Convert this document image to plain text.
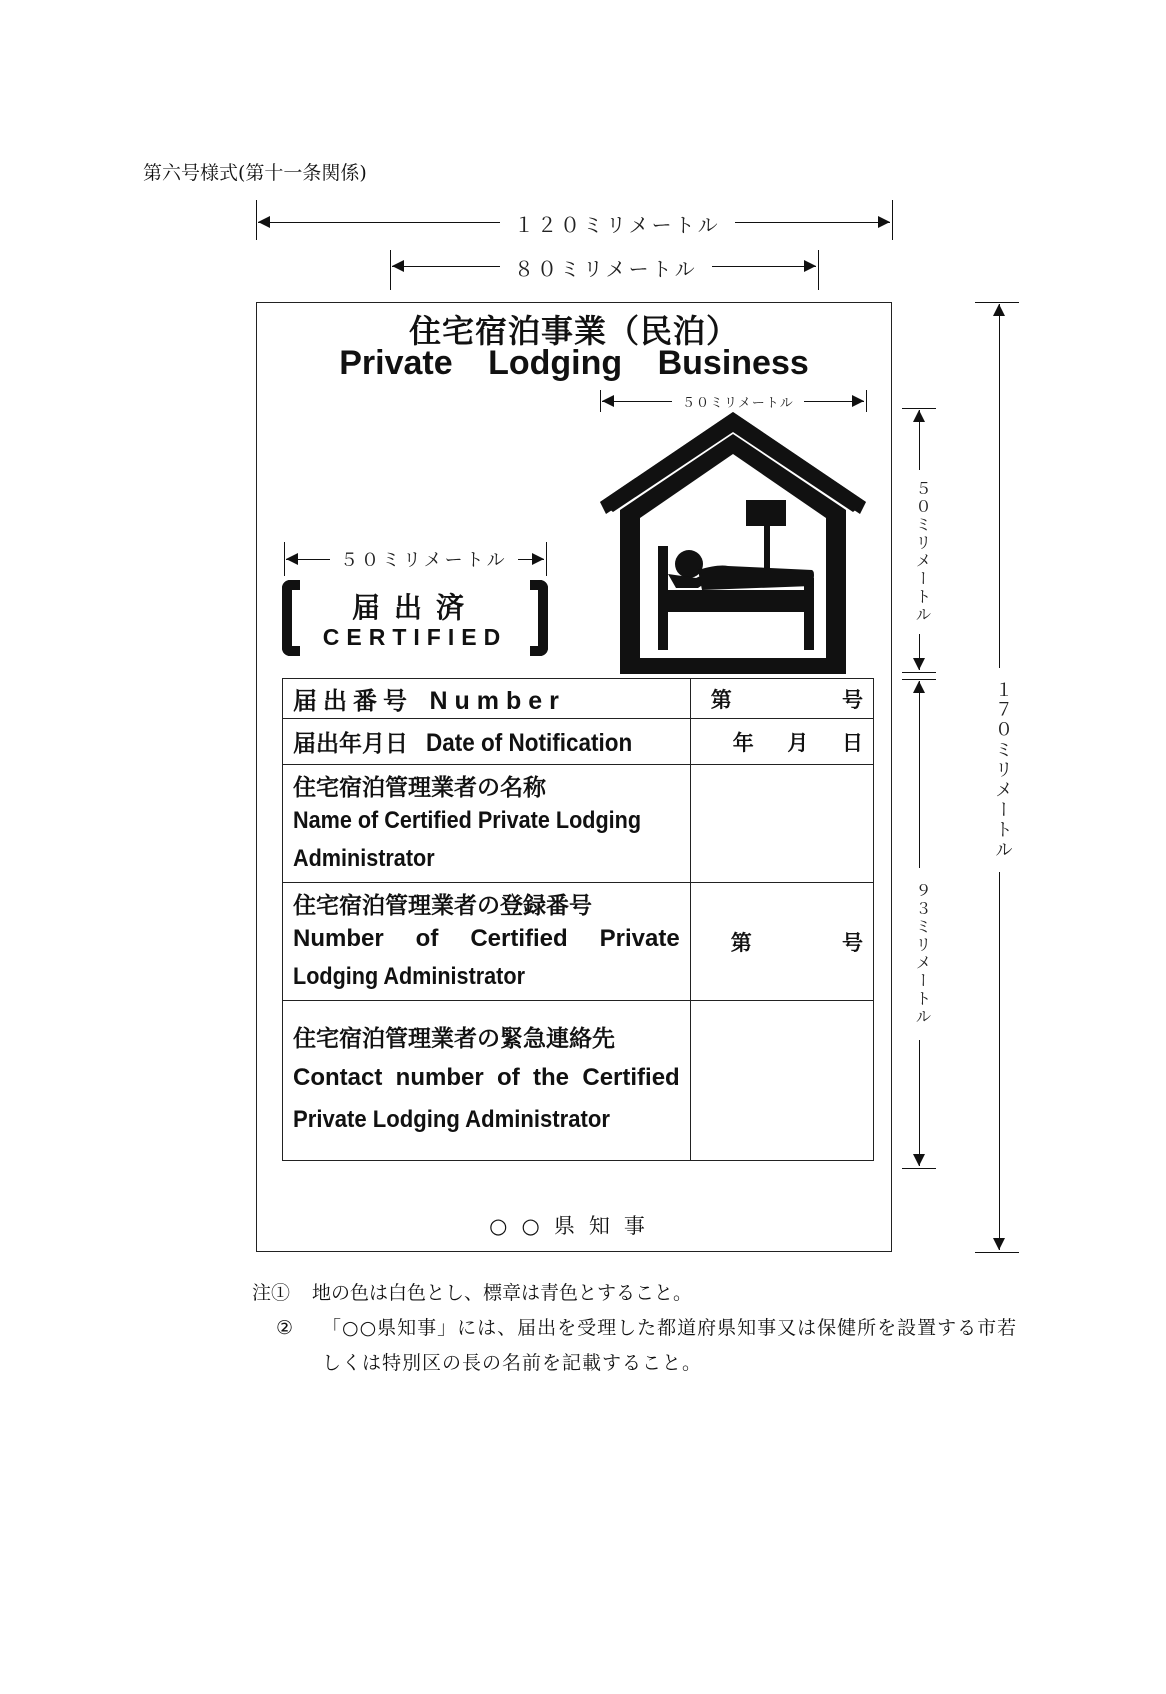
第六号様式(第十一条関係)
１２０ミリメートル
８０ミリメートル
１７０ミリメートル
５０ミリメートル
９３ミリメートル
住宅宿泊事業（民泊）
Private Lodging Business
５０ミリメートル
５０ミリメートル
届出済
CERTIFIED
届出番号 Number	第 号

届出年月日 Date of Notification	年 月 日

住宅宿泊管理業者の名称
Name of Certified Private Lodging
Administrator	

住宅宿泊管理業者の登録番号
Number of Certified Private
Lodging Administrator	第 号

住宅宿泊管理業者の緊急連絡先
Contact number of the Certified
Private Lodging Administrator	

○○県知事
注①	地の色は白色とし、標章は青色とすること。
②	「○○県知事」には、届出を受理した都道府県知事又は保健所を設置する市若しくは特別区の長の名前を記載すること。
